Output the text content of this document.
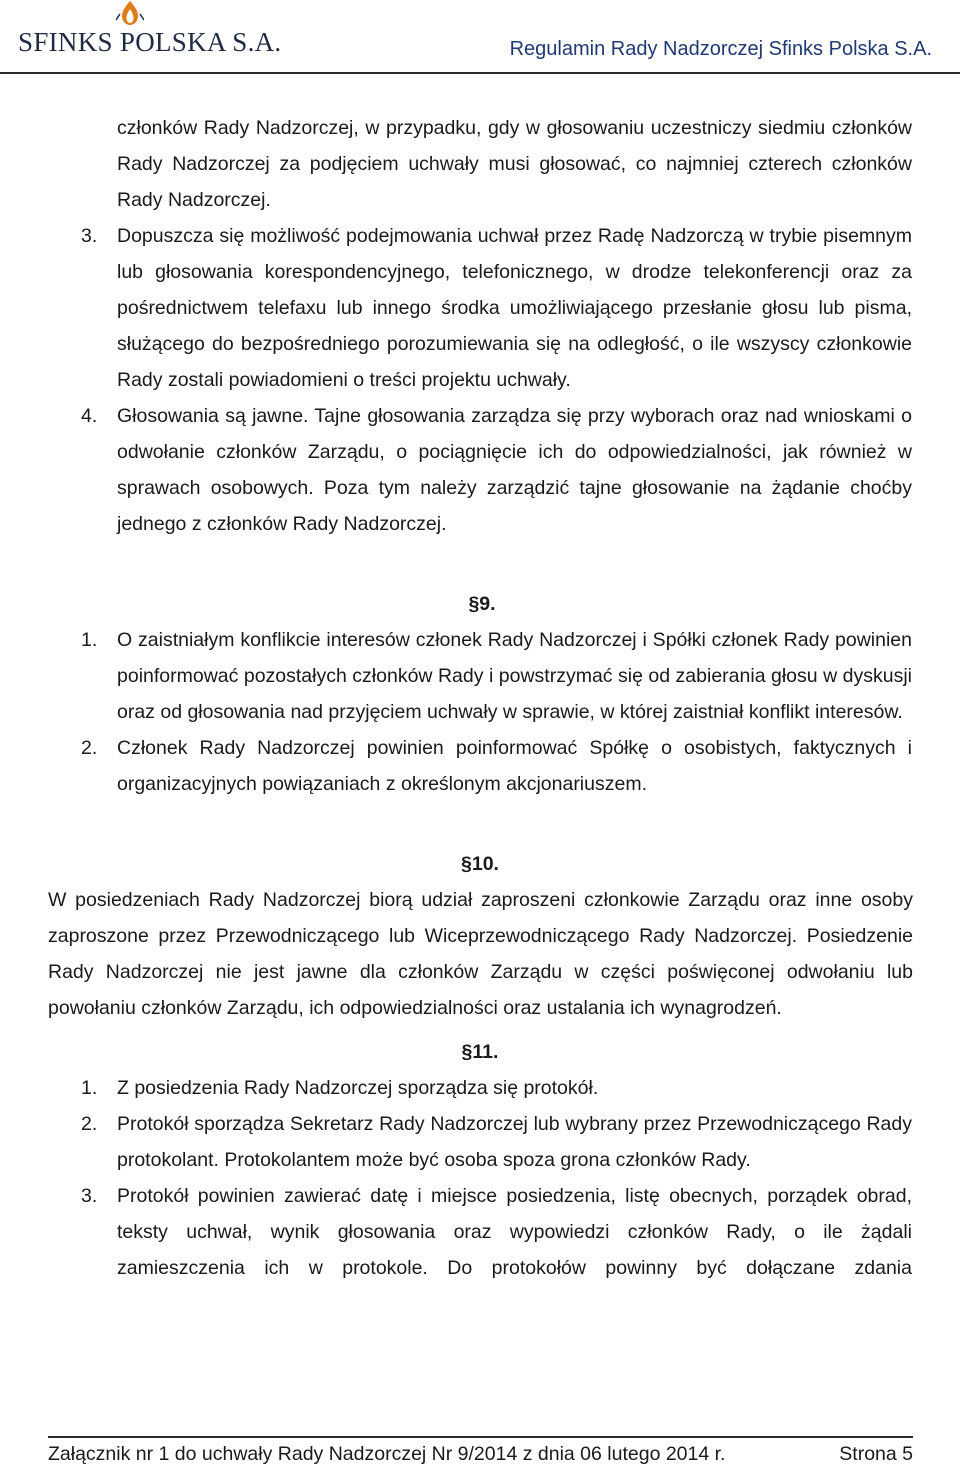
SFINKS POLSKA S.A.	Regulamin Rady Nadzorczej Sfinks Polska S.A.

członków Rady Nadzorczej, w przypadku, gdy w głosowaniu uczestniczy siedmiu członków Rady Nadzorczej za podjęciem uchwały musi głosować, co najmniej czterech członków Rady Nadzorczej.

3. Dopuszcza się możliwość podejmowania uchwał przez Radę Nadzorczą w trybie pisemnym lub głosowania korespondencyjnego, telefonicznego, w drodze telekonferencji oraz za pośrednictwem telefaxu lub innego środka umożliwiającego przesłanie głosu lub pisma, służącego do bezpośredniego porozumiewania się na odległość, o ile wszyscy członkowie Rady zostali powiadomieni o treści projektu uchwały.

4. Głosowania są jawne. Tajne głosowania zarządza się przy wyborach oraz nad wnioskami o odwołanie członków Zarządu, o pociągnięcie ich do odpowiedzialności, jak również w sprawach osobowych. Poza tym należy zarządzić tajne głosowanie na żądanie choćby jednego z członków Rady Nadzorczej.

§9.

1. O zaistniałym konflikcie interesów członek Rady Nadzorczej i Spółki członek Rady powinien poinformować pozostałych członków Rady i powstrzymać się od zabierania głosu w dyskusji oraz od głosowania nad przyjęciem uchwały w sprawie, w której zaistniał konflikt interesów.

2. Członek Rady Nadzorczej powinien poinformować Spółkę o osobistych, faktycznych i organizacyjnych powiązaniach z określonym akcjonariuszem.

§10.

W posiedzeniach Rady Nadzorczej biorą udział zaproszeni członkowie Zarządu oraz inne osoby zaproszone przez Przewodniczącego lub Wiceprzewodniczącego Rady Nadzorczej. Posiedzenie Rady Nadzorczej nie jest jawne dla członków Zarządu w części poświęconej odwołaniu lub powołaniu członków Zarządu, ich odpowiedzialności oraz ustalania ich wynagrodzeń.

§11.

1. Z posiedzenia Rady Nadzorczej sporządza się protokół.

2. Protokół sporządza Sekretarz Rady Nadzorczej lub wybrany przez Przewodniczącego Rady protokolant. Protokolantem może być osoba spoza grona członków Rady.

3. Protokół powinien zawierać datę i miejsce posiedzenia, listę obecnych, porządek obrad, teksty uchwał, wynik głosowania oraz wypowiedzi członków Rady, o ile żądali zamieszczenia ich w protokole. Do protokołów powinny być dołączane zdania

Załącznik nr 1 do uchwały Rady Nadzorczej Nr 9/2014 z dnia 06 lutego 2014 r.	Strona 5
